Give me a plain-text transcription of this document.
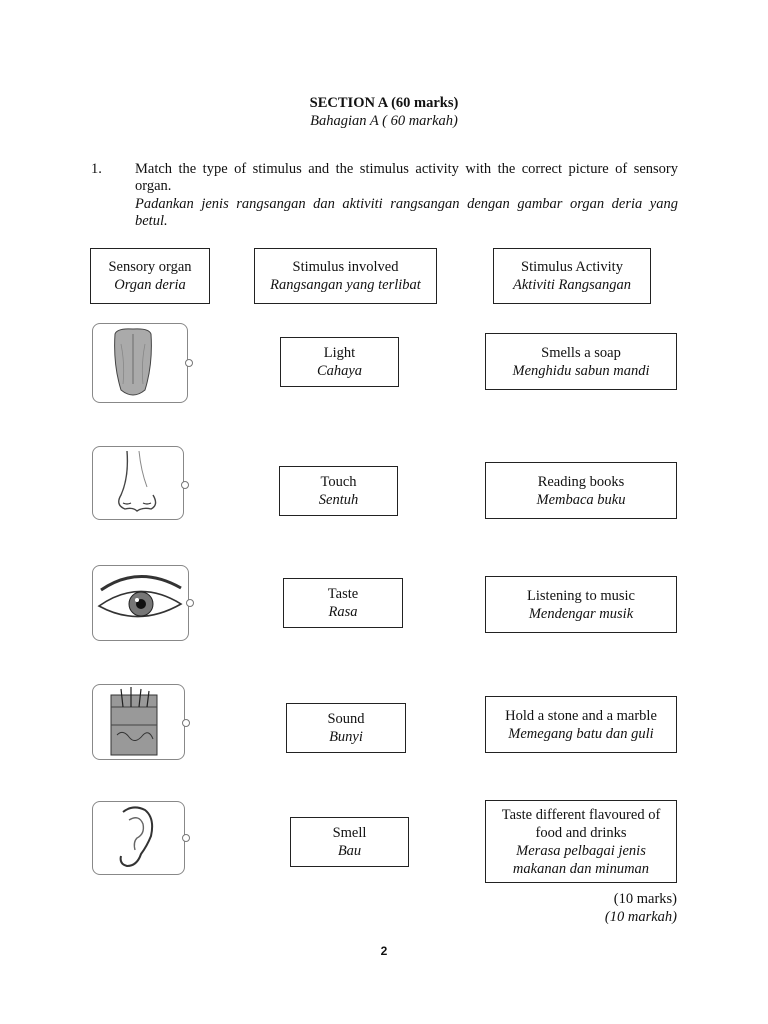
SECTION A (60 marks)
Bahagian A ( 60 markah)
1. Match the type of stimulus and the stimulus activity with the correct picture of sensory
organ.
Padankan jenis rangsangan dan aktiviti rangsangan dengan gambar organ deria yang
betul.
Sensory organ
Organ deria
Stimulus involved
Rangsangan yang terlibat
Stimulus Activity
Aktiviti Rangsangan
Light
Cahaya
Touch
Sentuh
Taste
Rasa
Sound
Bunyi
Smell
Bau
Smells a soap
Menghidu sabun mandi
Reading books
Membaca buku
Listening to music
Mendengar musik
Hold a stone and a marble
Memegang batu dan guli
Taste different flavoured of
food and drinks
Merasa pelbagai jenis
makanan dan minuman
(10 marks)
(10 markah)
2
